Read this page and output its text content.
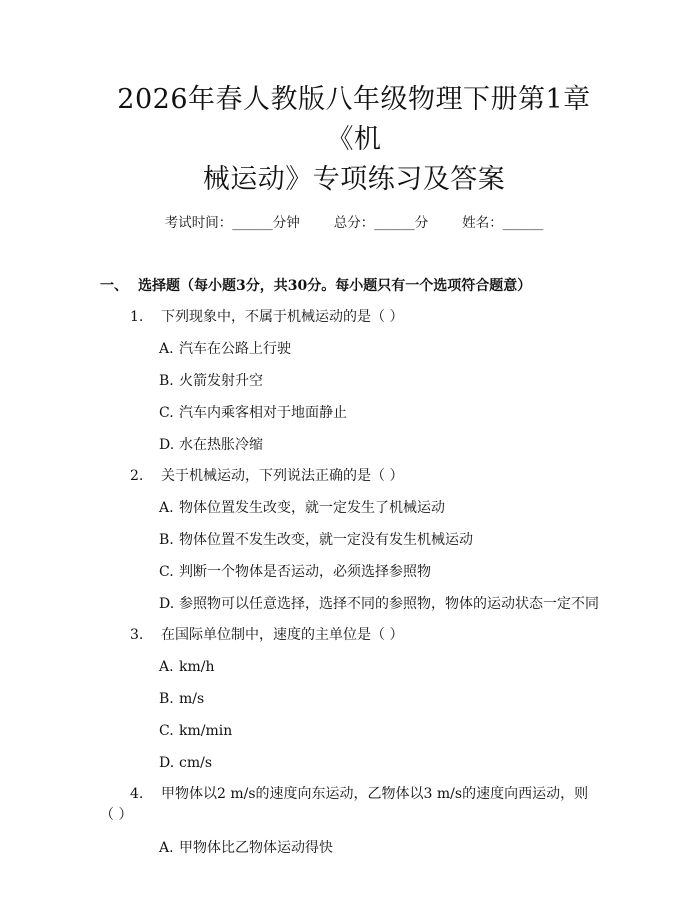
2026年春人教版八年级物理下册第1章《机
械运动》专项练习及答案
考试时间：______分钟	总分：______分	姓名：______
一、 选择题（每小题3分，共30分。每小题只有一个选项符合题意）
1.	下列现象中，不属于机械运动的是（ ）
A. 汽车在公路上行驶
B. 火箭发射升空
C. 汽车内乘客相对于地面静止
D. 水在热胀冷缩
2.	关于机械运动，下列说法正确的是（ ）
A. 物体位置发生改变，就一定发生了机械运动
B. 物体位置不发生改变，就一定没有发生机械运动
C. 判断一个物体是否运动，必须选择参照物
D. 参照物可以任意选择，选择不同的参照物，物体的运动状态一定不同
3.	在国际单位制中，速度的主单位是（ ）
A. km/h
B. m/s
C. km/min
D. cm/s
4.	甲物体以2 m/s的速度向东运动，乙物体以3 m/s的速度向西运动，则
（ ）
A. 甲物体比乙物体运动得快
